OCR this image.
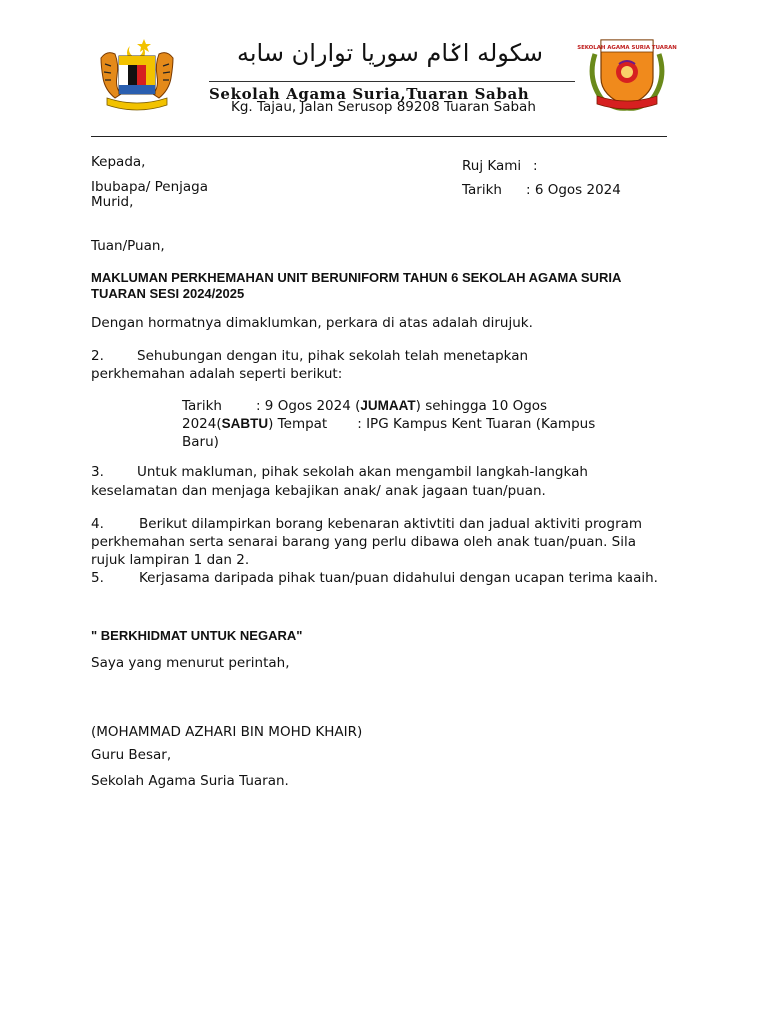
سكوله اݢام سوريا تواران سابه
Sekolah Agama Suria,Tuaran Sabah
Kg. Tajau, Jalan Serusop 89208 Tuaran Sabah
SEKOLAH AGAMA SURIA TUARAN
Kepada,
Ibubapa/ Penjaga
Murid,
Ruj Kami :
Tarikh : 6 Ogos 2024
Tuan/Puan,
MAKLUMAN PERKHEMAHAN UNIT BERUNIFORM TAHUN 6 SEKOLAH AGAMA SURIA TUARAN SESI 2024/2025
Dengan hormatnya dimaklumkan, perkara di atas adalah dirujuk.
2. Sehubungan dengan itu, pihak sekolah telah menetapkan
perkhemahan adalah seperti berikut:
Tarikh	: 9 Ogos 2024 (JUMAAT) sehingga 10 Ogos
2024(SABTU) Tempat : IPG Kampus Kent Tuaran (Kampus
Baru)
3. Untuk makluman, pihak sekolah akan mengambil langkah-langkah
keselamatan dan menjaga kebajikan anak/ anak jagaan tuan/puan.
4.	Berikut dilampirkan borang kebenaran aktivtiti dan jadual aktiviti program
perkhemahan serta senarai barang yang perlu dibawa oleh anak tuan/puan. Sila
rujuk lampiran 1 dan 2.
5.	Kerjasama daripada pihak tuan/puan didahului dengan ucapan terima kaaih.
" BERKHIDMAT UNTUK NEGARA"
Saya yang menurut perintah,
(MOHAMMAD AZHARI BIN MOHD KHAIR)
Guru Besar,
Sekolah Agama Suria Tuaran.
